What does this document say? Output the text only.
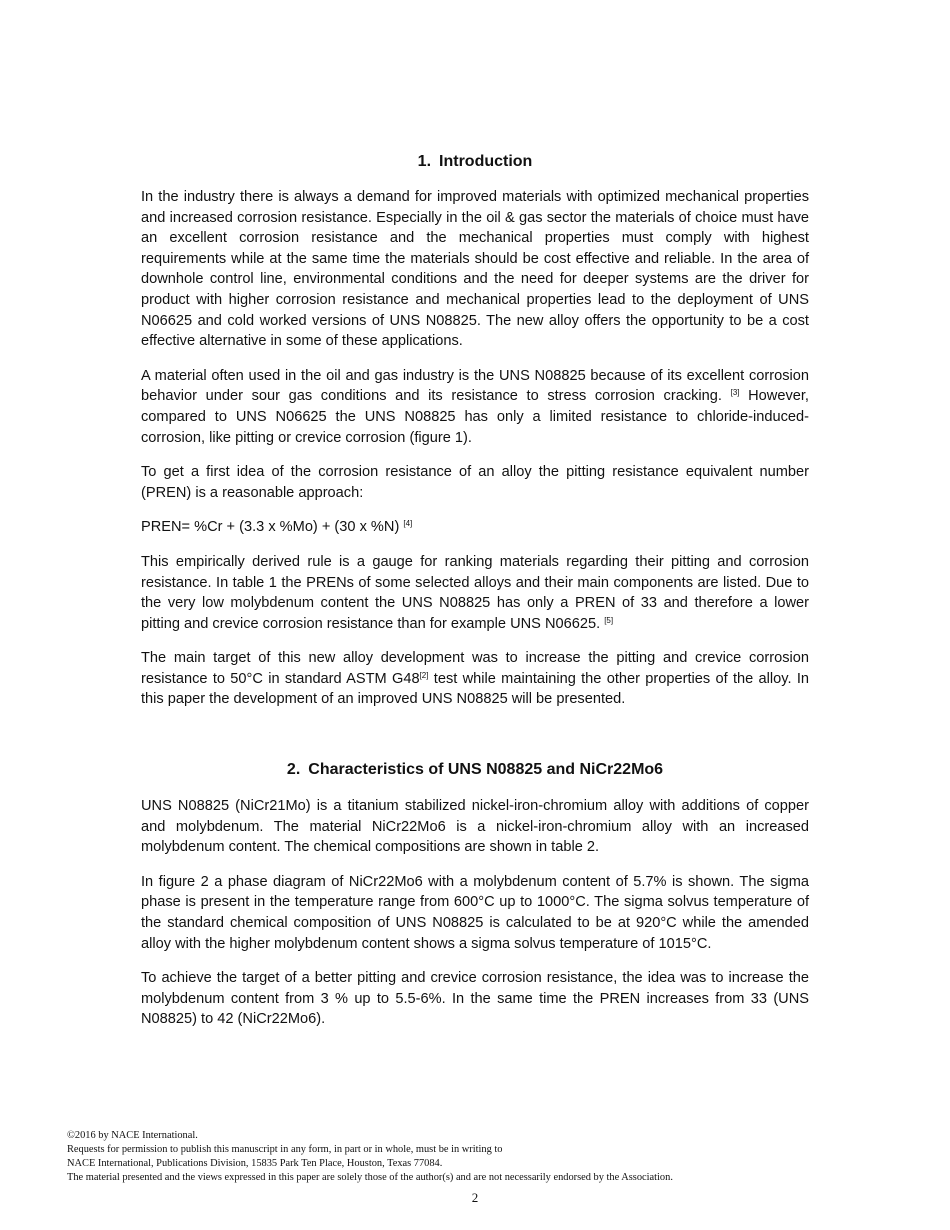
1. Introduction

In the industry there is always a demand for improved materials with optimized mechanical properties and increased corrosion resistance. Especially in the oil & gas sector the materials of choice must have an excellent corrosion resistance and the mechanical properties must comply with highest requirements while at the same time the materials should be cost effective and reliable. In the area of downhole control line, environmental conditions and the need for deeper systems are the driver for product with higher corrosion resistance and mechanical properties lead to the deployment of UNS N06625 and cold worked versions of UNS N08825. The new alloy offers the opportunity to be a cost effective alternative in some of these applications.

A material often used in the oil and gas industry is the UNS N08825 because of its excellent corrosion behavior under sour gas conditions and its resistance to stress corrosion cracking. [3] However, compared to UNS N06625 the UNS N08825 has only a limited resistance to chloride-induced-corrosion, like pitting or crevice corrosion (figure 1).

To get a first idea of the corrosion resistance of an alloy the pitting resistance equivalent number (PREN) is a reasonable approach:

PREN= %Cr + (3.3 x %Mo) + (30 x %N) [4]

This empirically derived rule is a gauge for ranking materials regarding their pitting and corrosion resistance. In table 1 the PRENs of some selected alloys and their main components are listed. Due to the very low molybdenum content the UNS N08825 has only a PREN of 33 and therefore a lower pitting and crevice corrosion resistance than for example UNS N06625. [5]

The main target of this new alloy development was to increase the pitting and crevice corrosion resistance to 50°C in standard ASTM G48[2] test while maintaining the other properties of the alloy. In this paper the development of an improved UNS N08825 will be presented.

2. Characteristics of UNS N08825 and NiCr22Mo6

UNS N08825 (NiCr21Mo) is a titanium stabilized nickel-iron-chromium alloy with additions of copper and molybdenum. The material NiCr22Mo6 is a nickel-iron-chromium alloy with an increased molybdenum content. The chemical compositions are shown in table 2.

In figure 2 a phase diagram of NiCr22Mo6 with a molybdenum content of 5.7% is shown. The sigma phase is present in the temperature range from 600°C up to 1000°C. The sigma solvus temperature of the standard chemical composition of UNS N08825 is calculated to be at 920°C while the amended alloy with the higher molybdenum content shows a sigma solvus temperature of 1015°C.

To achieve the target of a better pitting and crevice corrosion resistance, the idea was to increase the molybdenum content from 3 % up to 5.5-6%. In the same time the PREN increases from 33 (UNS N08825) to 42 (NiCr22Mo6).

©2016 by NACE International.
Requests for permission to publish this manuscript in any form, in part or in whole, must be in writing to
NACE International, Publications Division, 15835 Park Ten Place, Houston, Texas 77084.
The material presented and the views expressed in this paper are solely those of the author(s) and are not necessarily endorsed by the Association.
2
